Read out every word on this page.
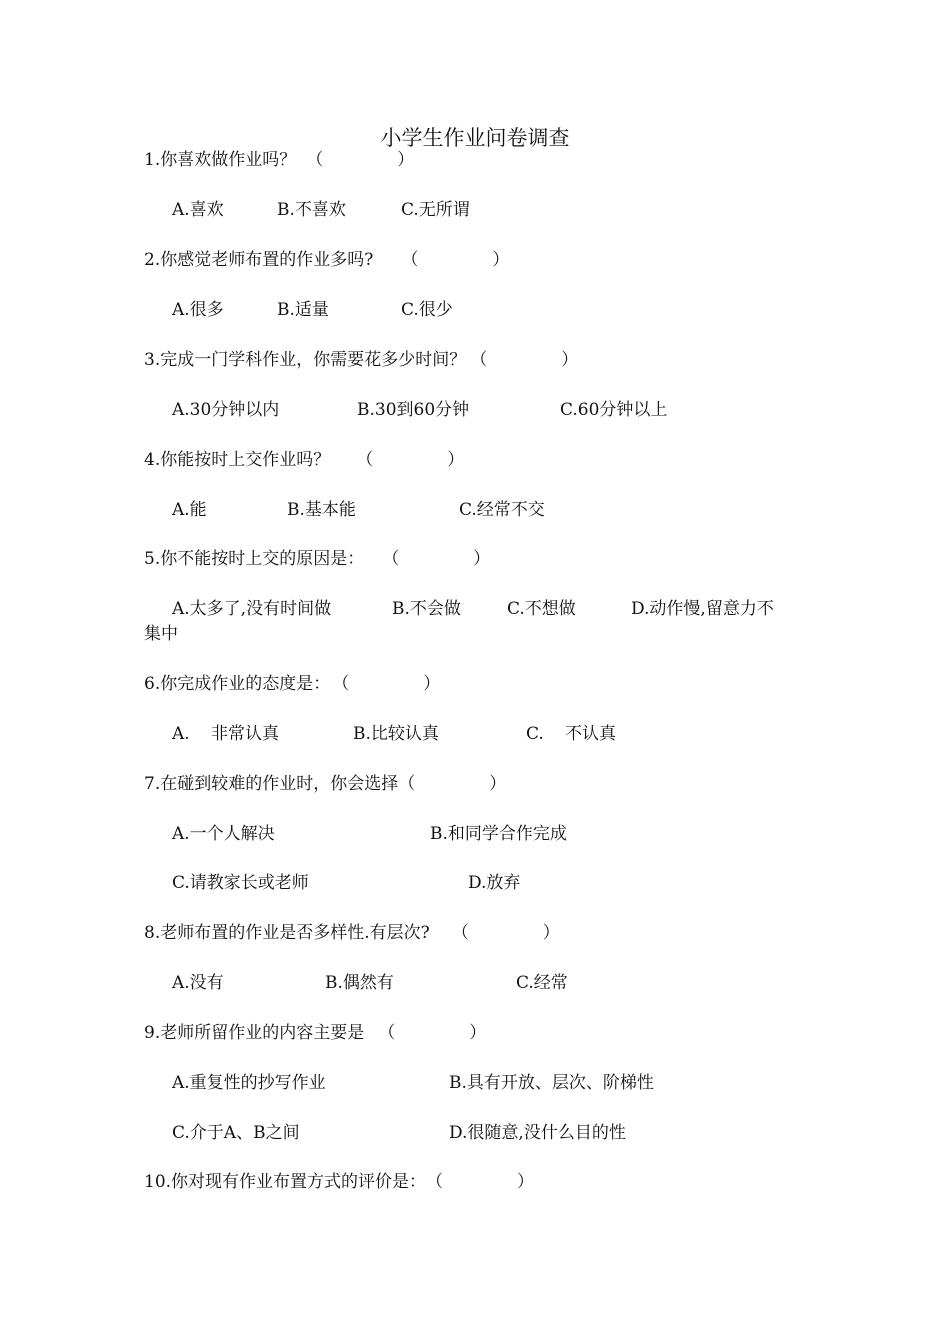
小学生作业问卷调查
1.你喜欢做作业吗？ （	）
A.喜欢	B.不喜欢	C.无所谓
2.你感觉老师布置的作业多吗? （	）
A.很多	B.适量	C.很少
3.完成一门学科作业，你需要花多少时间？ （	）
A.30分钟以内	B.30到60分钟	C.60分钟以上
4.你能按时上交作业吗？ （	）
A.能	B.基本能	C.经常不交
5.你不能按时上交的原因是： （	）
A.太多了,没有时间做	B.不会做	C.不想做	D.动作慢,留意力不
集中
6.你完成作业的态度是： （	）
A. 非常认真	B.比较认真	C. 不认真
7.在碰到较难的作业时，你会选择（	）
A.一个人解决	B.和同学合作完成
C.请教家长或老师	D.放弃
8.老师布置的作业是否多样性.有层次? （	）
A.没有	B.偶然有	C.经常
9.老师所留作业的内容主要是 （	）
A.重复性的抄写作业	B.具有开放、层次、阶梯性
C.介于A、B之间	D.很随意,没什么目的性
10.你对现有作业布置方式的评价是：（	）
